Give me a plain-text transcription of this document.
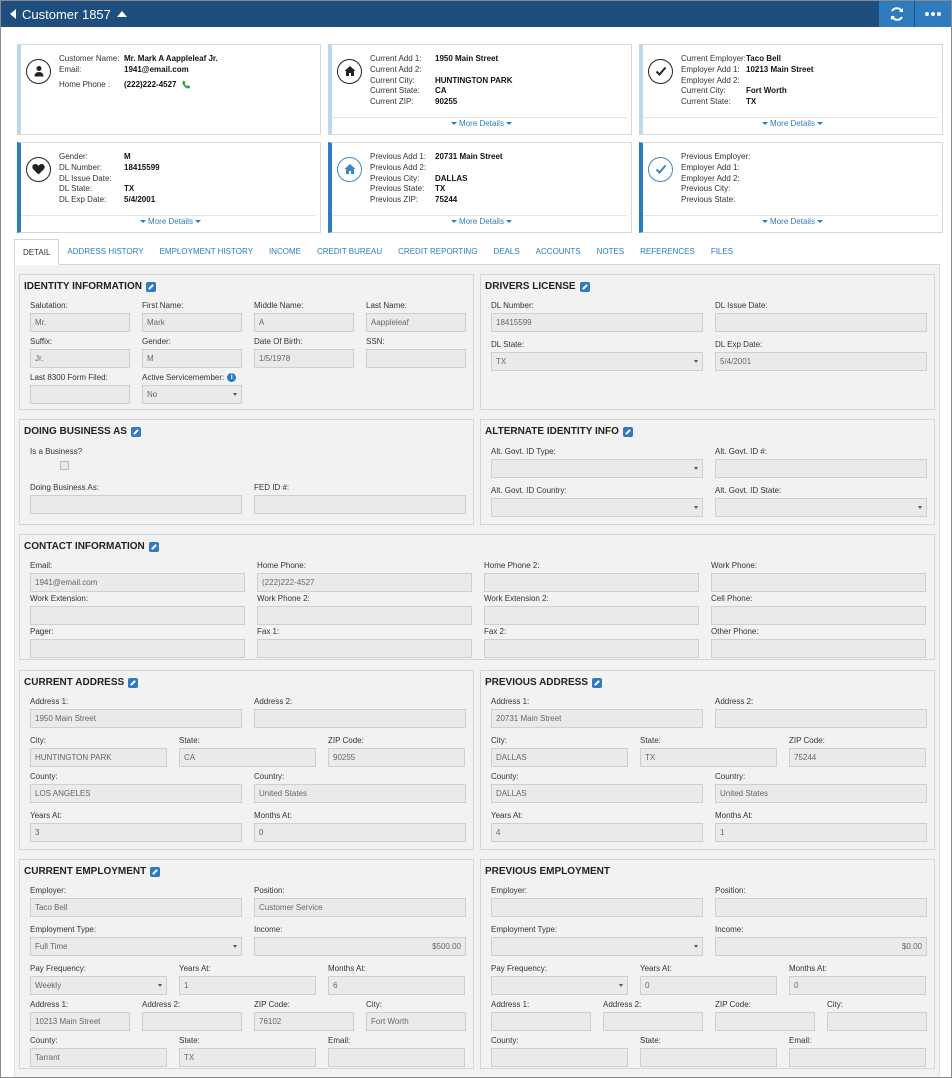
Customer 1857
Customer Name: Mr. Mark A Aappleleaf Jr.
Email:	1941@email.com
Home Phone :	(222)222-4527
Current Add 1:	1950 Main Street
Current Add 2:
Current City:	HUNTINGTON PARK
Current State:	CA
Current ZIP:	90255
More Details
Current Employer: Taco Bell
Employer Add 1: 10213 Main Street
Employer Add 2:
Current City:	Fort Worth
Current State:	TX
More Details
Gender:	M
DL Number:	18415599
DL Issue Date:
DL State:	TX
DL Exp Date:	5/4/2001
More Details
Previous Add 1:	20731 Main Street
Previous Add 2:
Previous City:	DALLAS
Previous State:	TX
Previous ZIP:	75244
More Details
Previous Employer:
Employer Add 1:
Employer Add 2:
Previous City:
Previous State:
More Details
DETAIL	ADDRESS HISTORY	EMPLOYMENT HISTORY	INCOME	CREDIT BUREAU	CREDIT REPORTING	DEALS	ACCOUNTS	NOTES	REFERENCES	FILES
IDENTITY INFORMATION
Salutation:
Mr.
First Name:
Mark
Middle Name:
A
Last Name:
Aappleleaf
Suffix:
Jr.
Gender:
M
Date Of Birth:
1/5/1978
SSN:
Last 8300 Form Filed:	Active Servicemember: i
No
DRIVERS LICENSE
DL Number:
18415599
DL Issue Date:
DL State:
TX
DL Exp Date:
5/4/2001
DOING BUSINESS AS
Is a Business?
Doing Business As:	FED ID #:
ALTERNATE IDENTITY INFO
Alt. Govt. ID Type:	Alt. Govt. ID #:
Alt. Govt. ID Country:	Alt. Govt. ID State:
CONTACT INFORMATION
Email:
1941@email.com
Home Phone:
(222)222-4527
Home Phone 2:	Work Phone:
Work Extension:	Work Phone 2:	Work Extension 2:	Cell Phone:
Pager:	Fax 1:	Fax 2:	Other Phone:
CURRENT ADDRESS
Address 1:
1950 Main Street
Address 2:
City:
HUNTINGTON PARK
State:
CA
ZIP Code:
90255
County:
LOS ANGELES
Country:
United States
Years At:
3
Months At:
0
PREVIOUS ADDRESS
Address 1:
20731 Main Street
Address 2:
City:
DALLAS
State:
TX
ZIP Code:
75244
County:
DALLAS
Country:
United States
Years At:
4
Months At:
1
CURRENT EMPLOYMENT
Employer:
Taco Bell
Position:
Customer Service
Employment Type:
Full Time
Income:
$500.00
Pay Frequency:
Weekly
Years At:
1
Months At:
6
Address 1:
10213 Main Street
Address 2:	ZIP Code:
76102
City:
Fort Worth
County:
Tarrant
State:
TX
Email:
PREVIOUS EMPLOYMENT
Employer:	Position:
Employment Type:	Income:
$0.00
Pay Frequency:	Years At:
0
Months At:
0
Address 1:	Address 2:	ZIP Code:	City:
County:	State:	Email:
